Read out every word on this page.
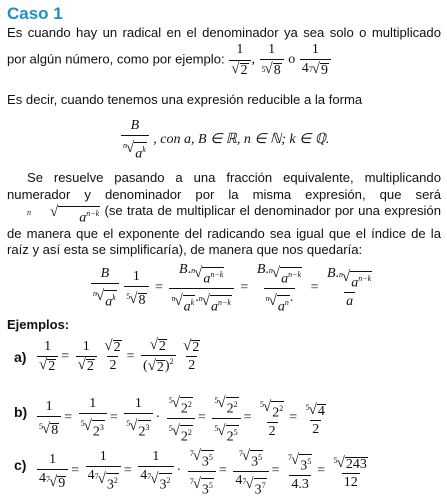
Caso 1
Es cuando hay un radical en el denominador ya sea solo o multiplicado por algún número, como por ejemplo: $\frac{1}{√ 2}$ , $\frac{1}{5 √ 8}$ o $\frac{1}{4 7 √ 9}$
Es decir, cuando tenemos una expresión reducible a la forma
$\frac{B}{n √ a^k}$ , con a, B ∈ ℝ, n ∈ ℕ; k ∈ ℚ.
Se resuelve pasando a una fracción equivalente, multiplicando numerador y denominador por la misma expresión, que será
n	√	$a^{n-k}$ (se trata de multiplicar el denominador por una expresión de manera que el exponente del radicando sea igual que el índice de la raíz y así esta se simplificaría), de manera que nos quedaría:
$\frac{B}{n √ a^k}$
$\frac{1}{5 √ 8} = \frac{B. n √ a^{n-k}}{n √ a^k . n √ a^{n-k}} = \frac{B. n √ a^{n-k}}{n √ a^n .} = \frac{B. n √ a^{n-k}}{a}$
Ejemplos:
$a) \frac{1}{√ 2} = \frac{1}{√ 2}$
$\frac{√ 2}{2} = \frac{√ 2}{( √ 2 )^2}$
$\frac{√ 2}{2}$
$b) \frac{1}{5 √ 8} = \frac{1}{5 √ 2^3} = \frac{1}{5 √ 2^3} \cdot \frac{5 √ 2^2}{5 √ 2^2} = \frac{5 √ 2^2}{5 √ 2^5} = \frac{5 √ 2^2}{2} = \frac{5 √ 4}{2}$
$c) \frac{1}{4 7 √ 9} = \frac{1}{4 7 √ 3^2} = \frac{1}{4 7 √ 3^2} \cdot \frac{7 √ 3^5}{7 √ 3^5} = \frac{7 √ 3^5}{4 7 √ 3^7} = \frac{7 √ 3^5}{4.3} = \frac{5 √ 243}{12}$
